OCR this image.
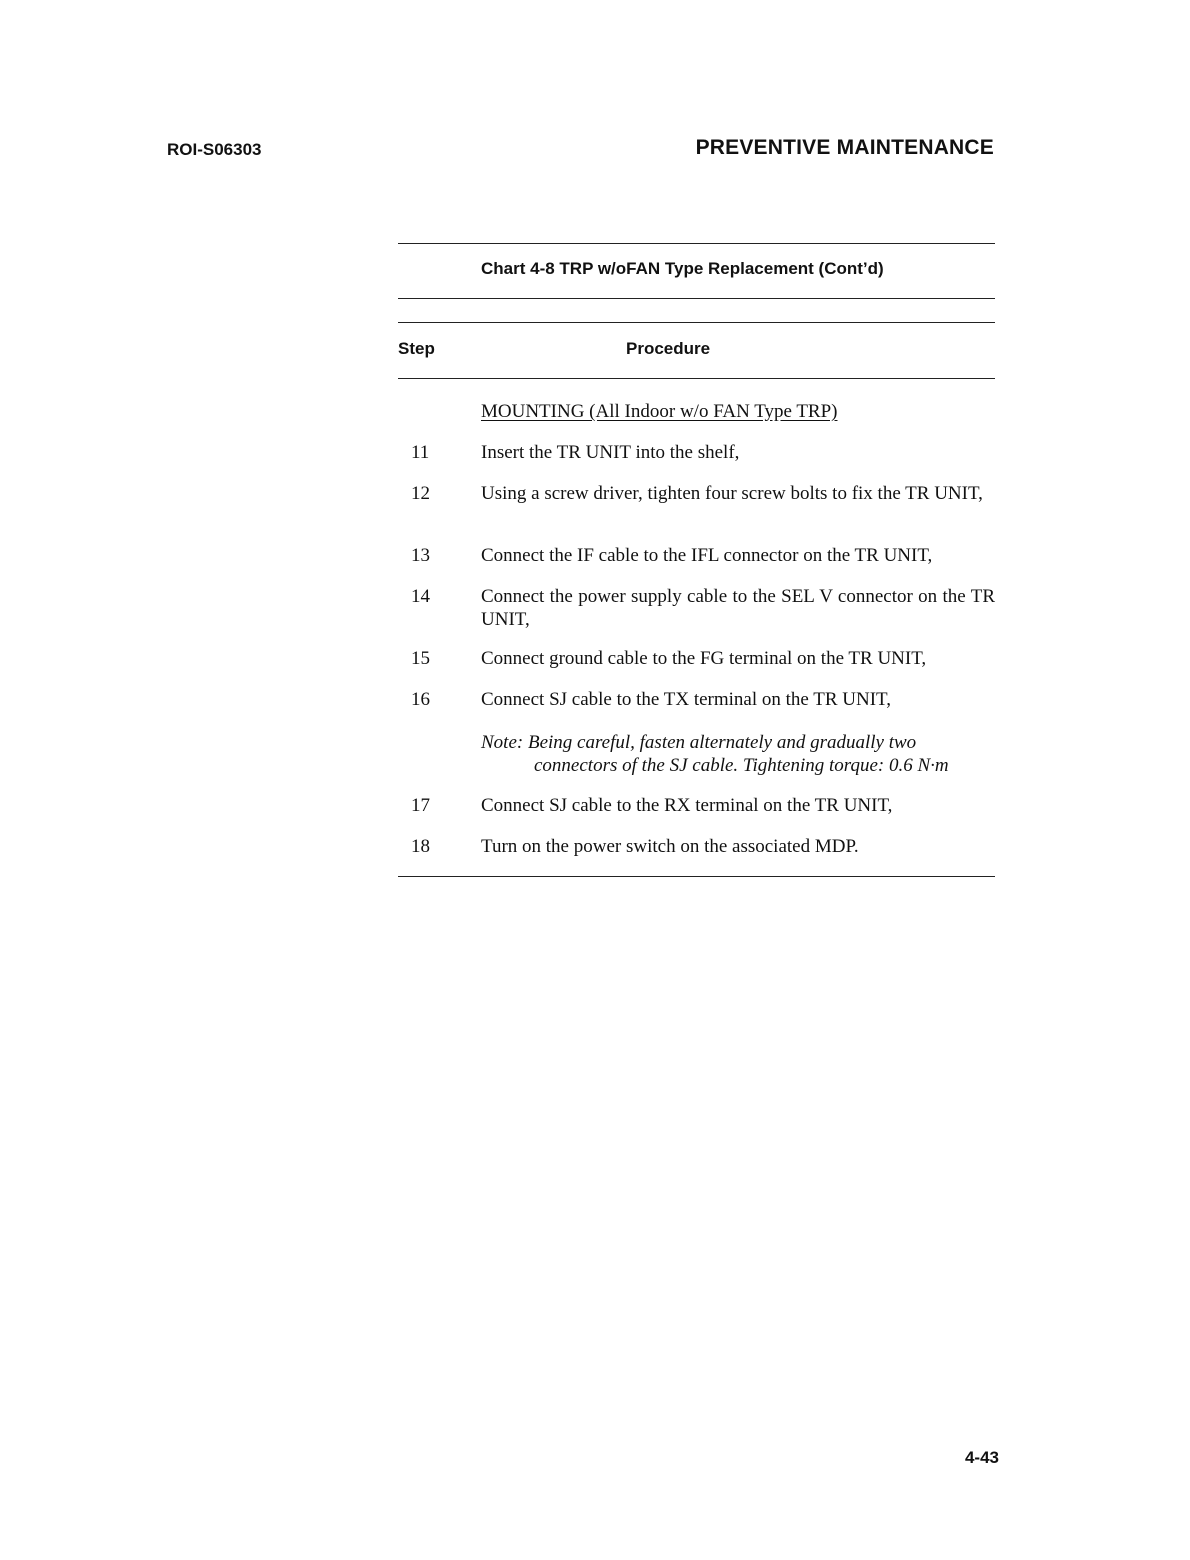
ROI-S06303	PREVENTIVE MAINTENANCE
Chart 4-8 TRP w/oFAN Type Replacement (Cont’d)
Step	Procedure
MOUNTING (All Indoor w/o FAN Type TRP)
11	Insert the TR UNIT into the shelf,
12	Using a screw driver, tighten four screw bolts to fix the TR UNIT,
13	Connect the IF cable to the IFL connector on the TR UNIT,
14	Connect the power supply cable to the SEL V connector on the TR UNIT,
15	Connect ground cable to the FG terminal on the TR UNIT,
16	Connect SJ cable to the TX terminal on the TR UNIT,
Note: Being careful, fasten alternately and gradually two
connectors of the SJ cable. Tightening torque: 0.6 N·m
17	Connect SJ cable to the RX terminal on the TR UNIT,
18	Turn on the power switch on the associated MDP.
4-43
